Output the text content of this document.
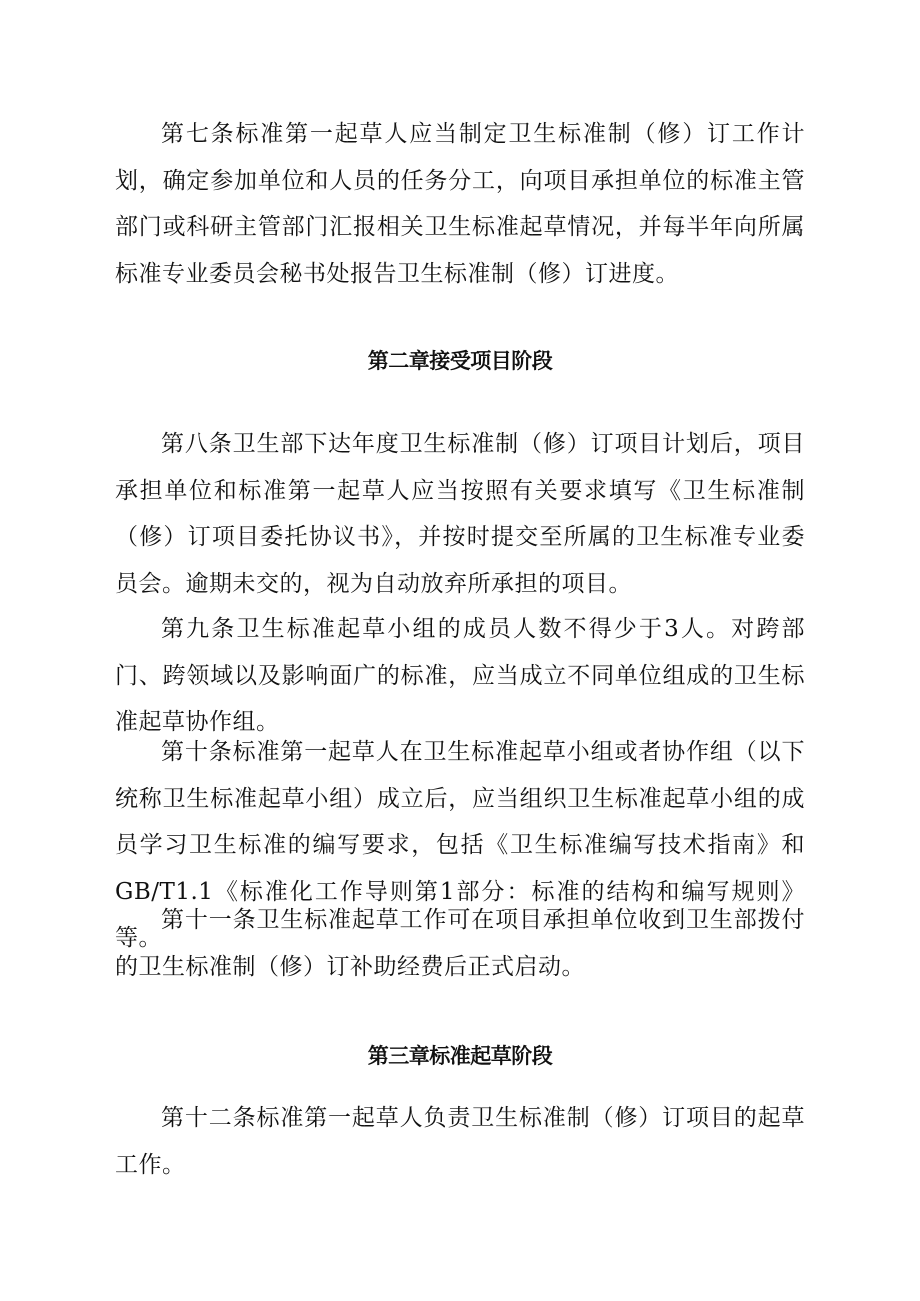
第七条标准第一起草人应当制定卫生标准制（修）订工作计划，确定参加单位和人员的任务分工，向项目承担单位的标准主管部门或科研主管部门汇报相关卫生标准起草情况，并每半年向所属标准专业委员会秘书处报告卫生标准制（修）订进度。

第二章接受项目阶段

第八条卫生部下达年度卫生标准制（修）订项目计划后，项目承担单位和标准第一起草人应当按照有关要求填写《卫生标准制（修）订项目委托协议书》，并按时提交至所属的卫生标准专业委员会。逾期未交的，视为自动放弃所承担的项目。

第九条卫生标准起草小组的成员人数不得少于3人。对跨部门、跨领域以及影响面广的标准，应当成立不同单位组成的卫生标准起草协作组。

第十条标准第一起草人在卫生标准起草小组或者协作组（以下统称卫生标准起草小组）成立后，应当组织卫生标准起草小组的成员学习卫生标准的编写要求，包括《卫生标准编写技术指南》和GB/T1.1《标准化工作导则第1部分：标准的结构和编写规则》等。

第十一条卫生标准起草工作可在项目承担单位收到卫生部拨付的卫生标准制（修）订补助经费后正式启动。

第三章标准起草阶段

第十二条标准第一起草人负责卫生标准制（修）订项目的起草工作。
